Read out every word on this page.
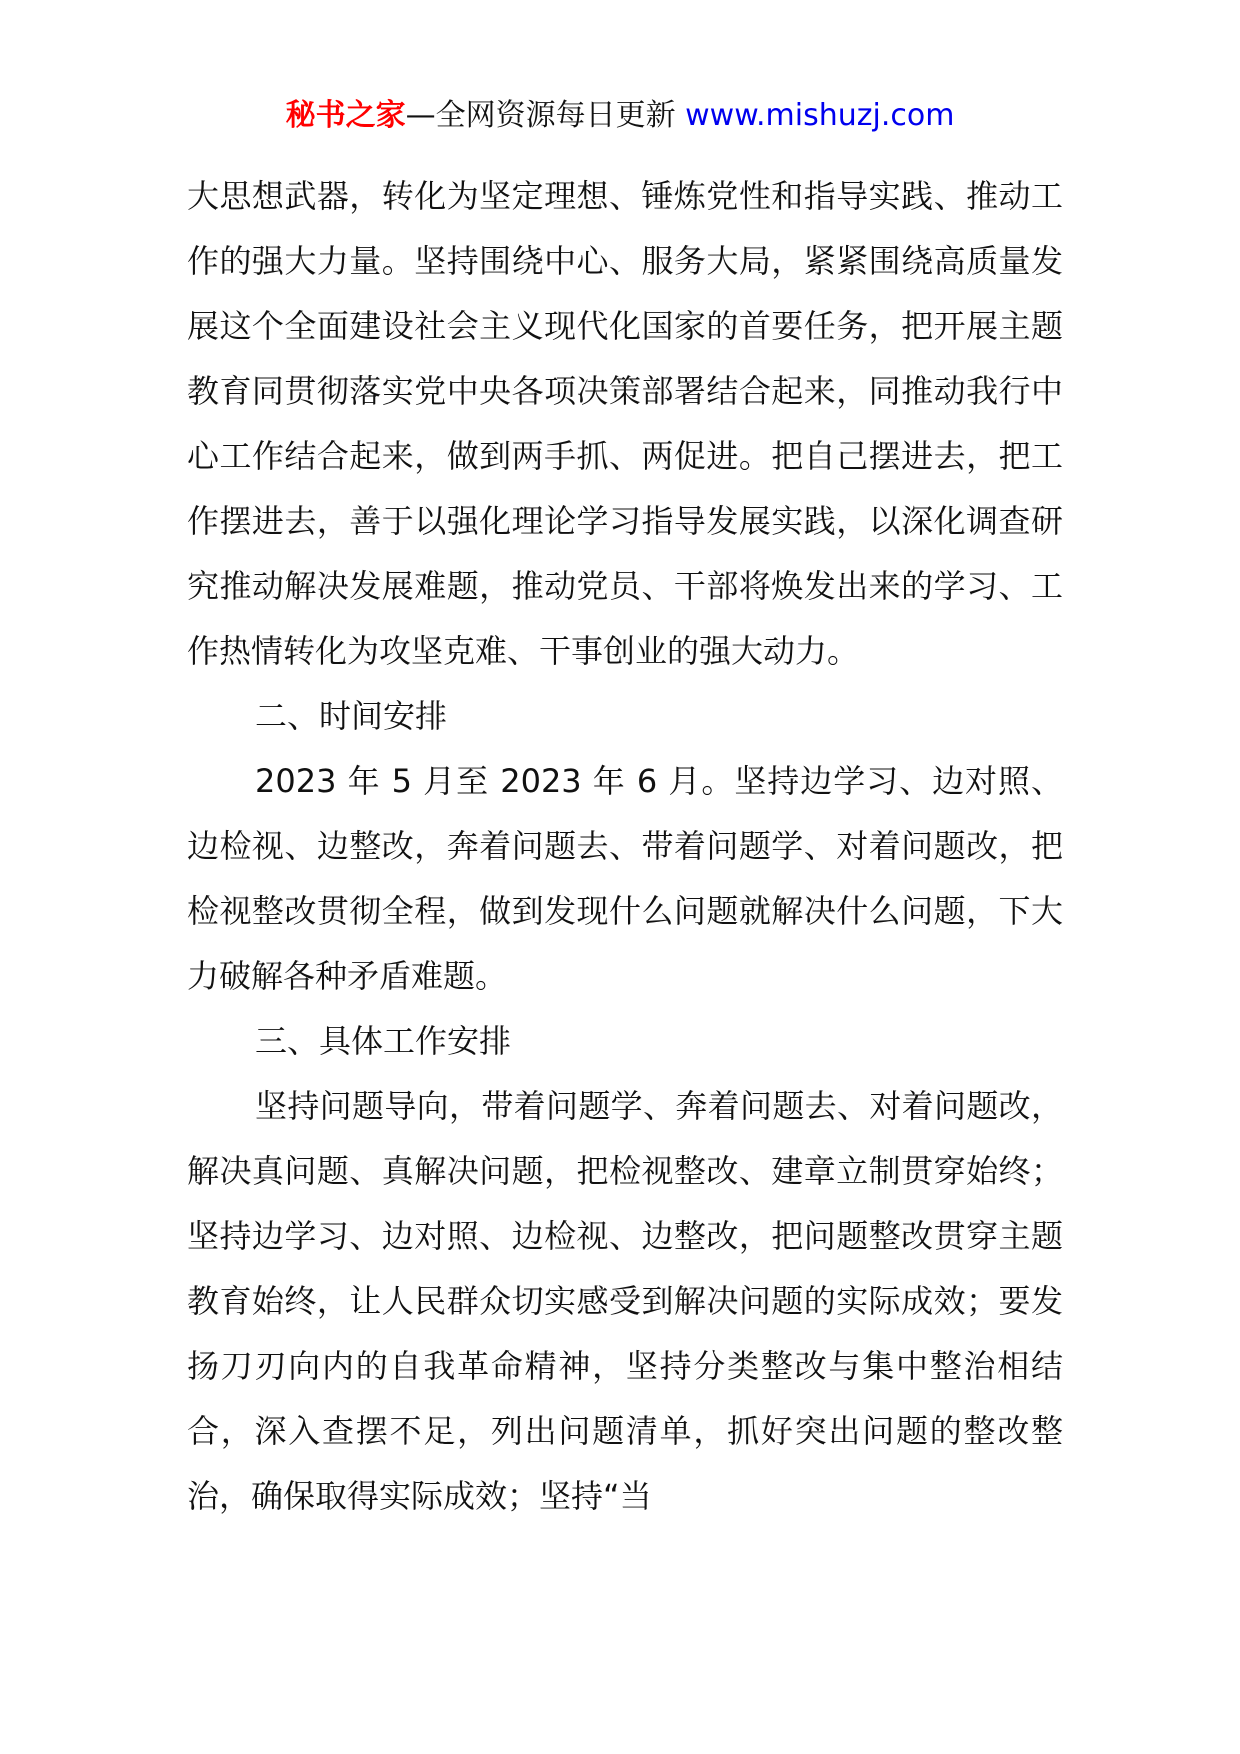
秘书之家—全网资源每日更新 www.mishuzj.com

大思想武器，转化为坚定理想、锤炼党性和指导实践、推动工作的强大力量。坚持围绕中心、服务大局，紧紧围绕高质量发展这个全面建设社会主义现代化国家的首要任务，把开展主题教育同贯彻落实党中央各项决策部署结合起来，同推动我行中心工作结合起来，做到两手抓、两促进。把自己摆进去，把工作摆进去，善于以强化理论学习指导发展实践，以深化调查研究推动解决发展难题，推动党员、干部将焕发出来的学习、工作热情转化为攻坚克难、干事创业的强大动力。

二、时间安排

2023 年 5 月至 2023 年 6 月。坚持边学习、边对照、边检视、边整改，奔着问题去、带着问题学、对着问题改，把检视整改贯彻全程，做到发现什么问题就解决什么问题，下大力破解各种矛盾难题。

三、具体工作安排

坚持问题导向，带着问题学、奔着问题去、对着问题改，解决真问题、真解决问题，把检视整改、建章立制贯穿始终；坚持边学习、边对照、边检视、边整改，把问题整改贯穿主题教育始终，让人民群众切实感受到解决问题的实际成效；要发扬刀刃向内的自我革命精神，坚持分类整改与集中整治相结合，深入查摆不足，列出问题清单，抓好突出问题的整改整治，确保取得实际成效；坚持“当
